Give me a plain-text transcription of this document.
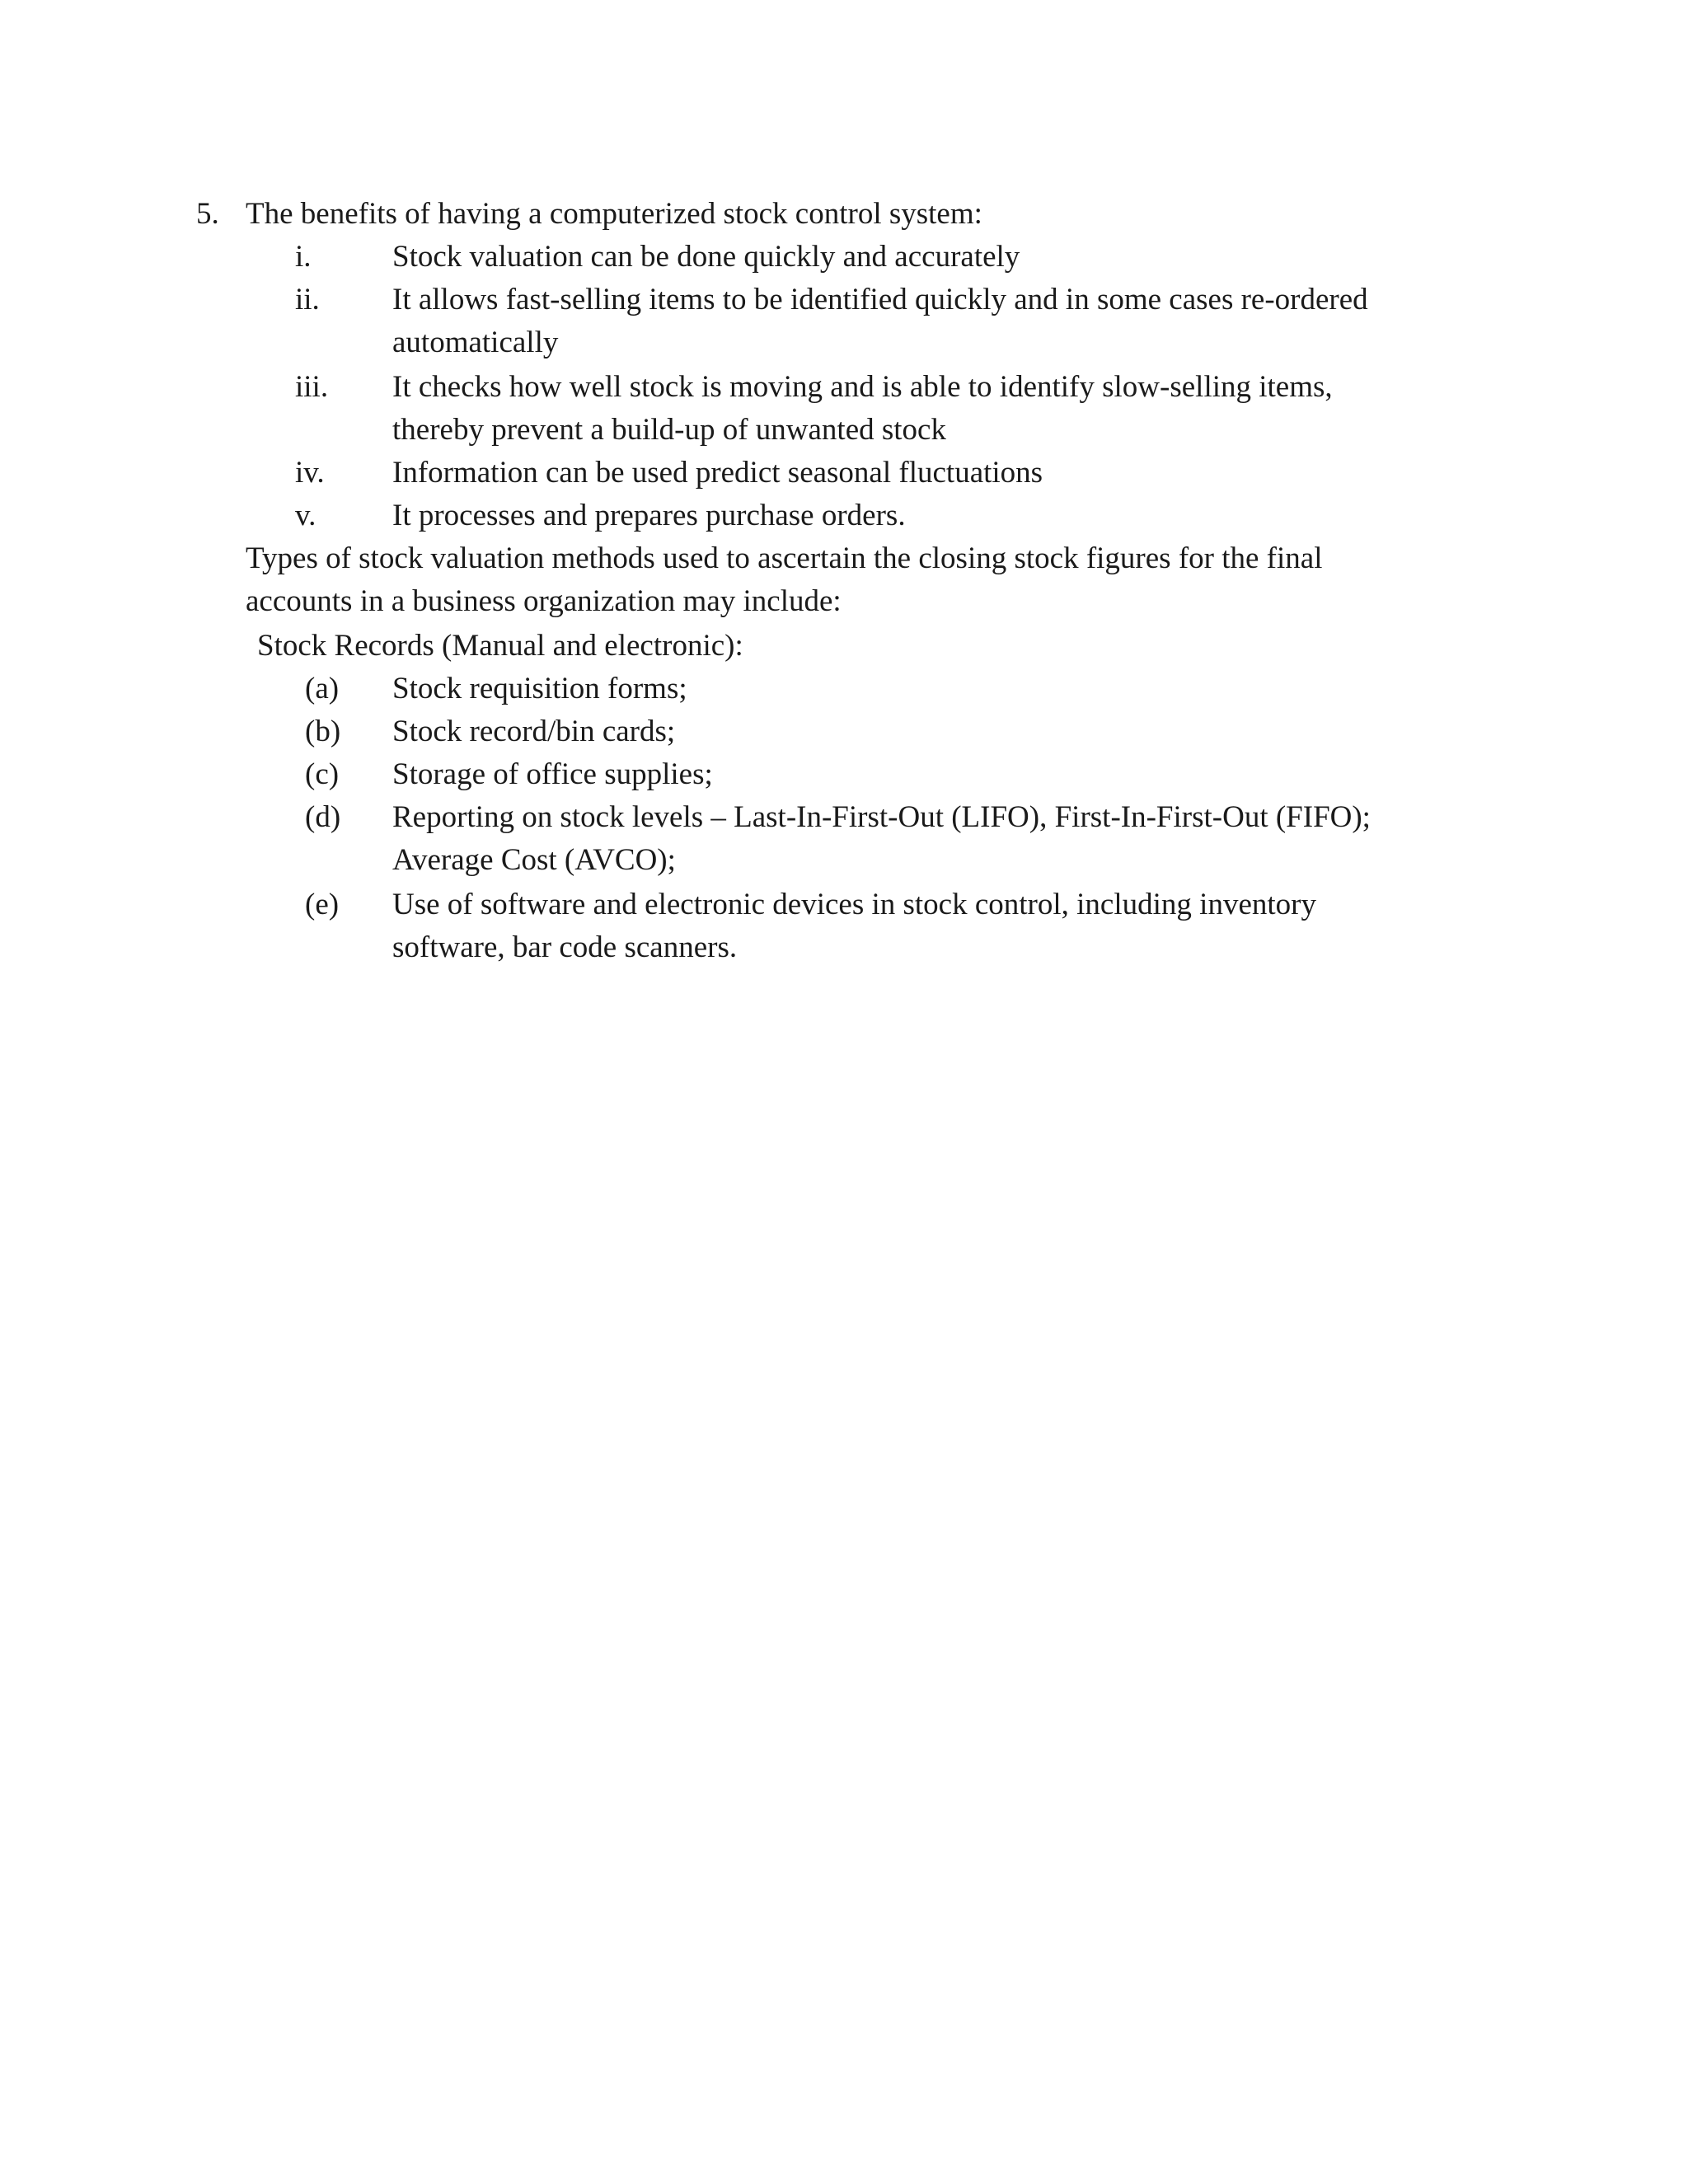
5. The benefits of having a computerized stock control system:
i.	Stock valuation can be done quickly and accurately
ii. It allows fast-selling items to be identified quickly and in some cases re-ordered
automatically
iii. It checks how well stock is moving and is able to identify slow-selling items,
thereby prevent a build-up of unwanted stock
iv. Information can be used predict seasonal fluctuations
v.	It processes and prepares purchase orders.
Types of stock valuation methods used to ascertain the closing stock figures for the final
accounts in a business organization may include:
Stock Records (Manual and electronic):
(a) Stock requisition forms;
(b) Stock record/bin cards;
(c) Storage of office supplies;
(d) Reporting on stock levels – Last-In-First-Out (LIFO), First-In-First-Out (FIFO);
Average Cost (AVCO);
(e) Use of software and electronic devices in stock control, including inventory
software, bar code scanners.
